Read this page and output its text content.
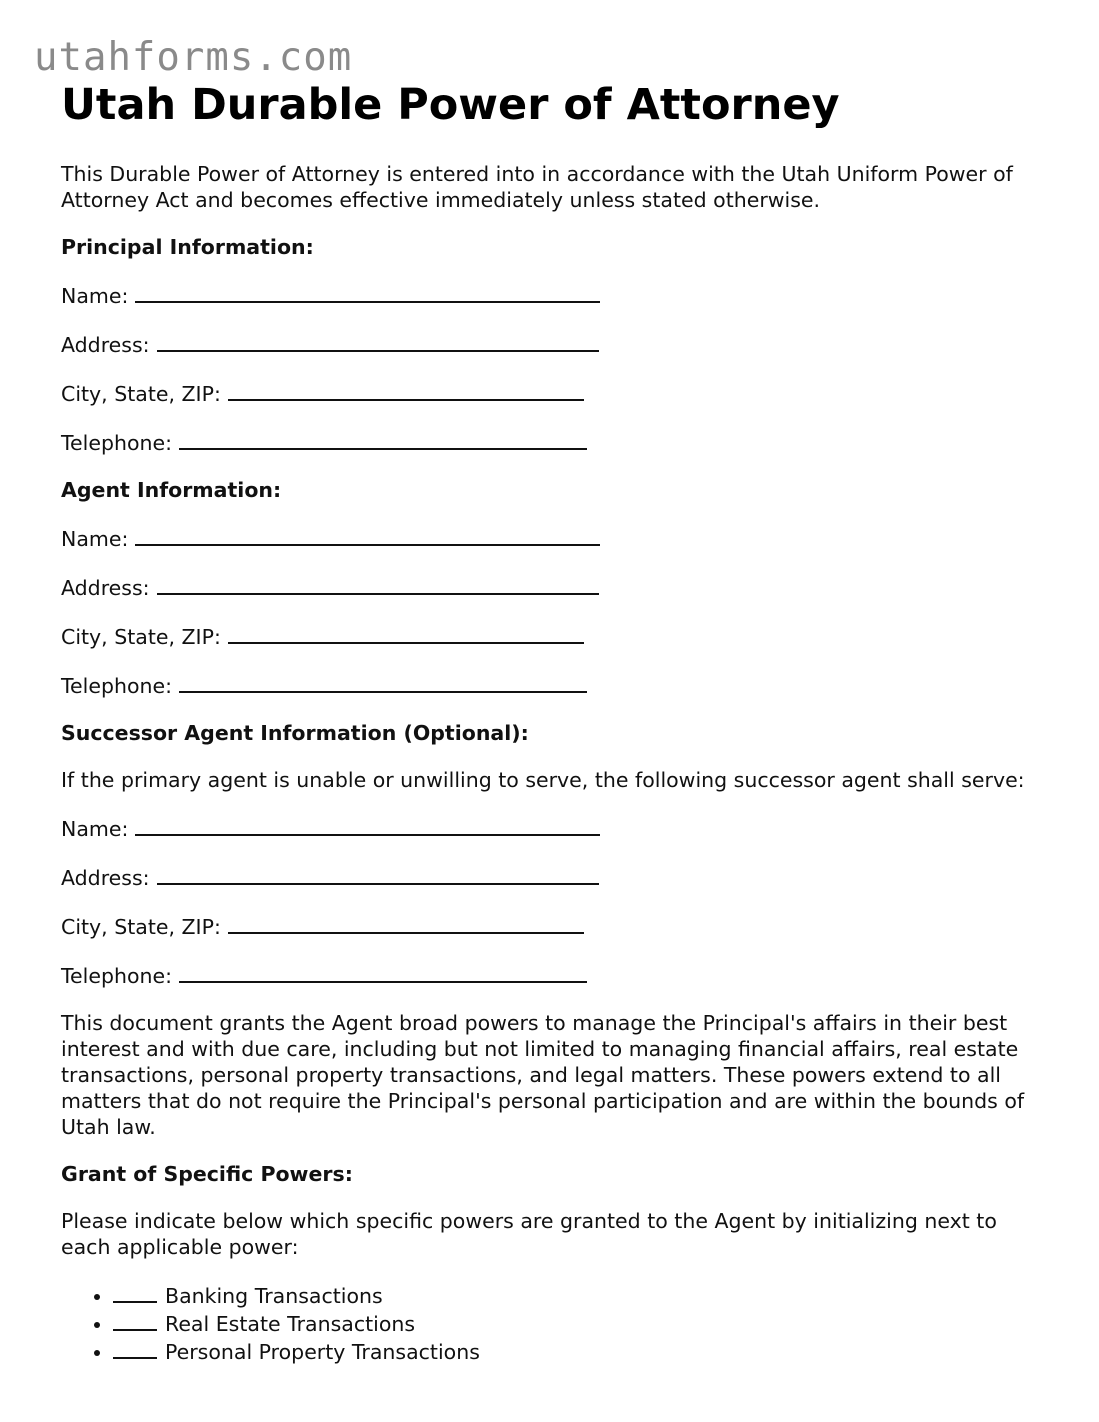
utahforms.com
Utah Durable Power of Attorney

This Durable Power of Attorney is entered into in accordance with the Utah Uniform Power of Attorney Act and becomes effective immediately unless stated otherwise.

Principal Information:

Name:

Address:

City, State, ZIP:

Telephone:

Agent Information:

Name:

Address:

City, State, ZIP:

Telephone:

Successor Agent Information (Optional):

If the primary agent is unable or unwilling to serve, the following successor agent shall serve:

Name:

Address:

City, State, ZIP:

Telephone:

This document grants the Agent broad powers to manage the Principal's affairs in their best interest and with due care, including but not limited to managing financial affairs, real estate transactions, personal property transactions, and legal matters. These powers extend to all matters that do not require the Principal's personal participation and are within the bounds of Utah law.

Grant of Specific Powers:

Please indicate below which specific powers are granted to the Agent by initializing next to each applicable power:

• Banking Transactions
• Real Estate Transactions
• Personal Property Transactions
